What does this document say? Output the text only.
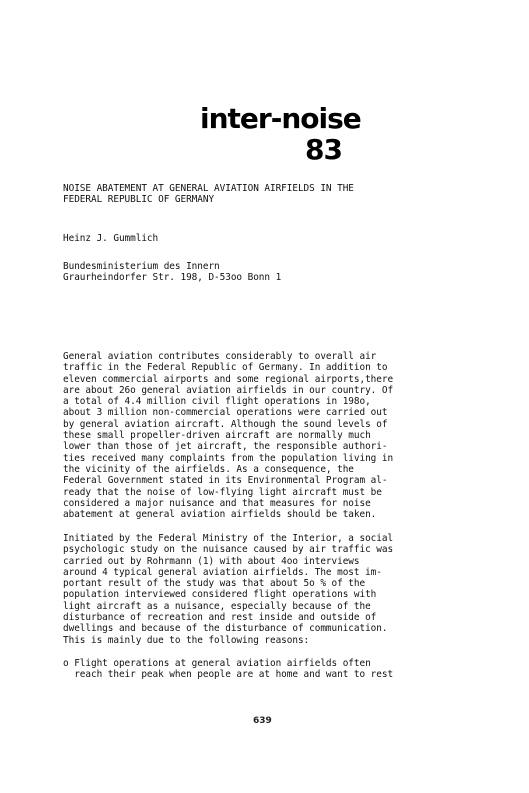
inter-noise
83
NOISE ABATEMENT AT GENERAL AVIATION AIRFIELDS IN THE
FEDERAL REPUBLIC OF GERMANY
Heinz J. Gummlich
Bundesministerium des Innern
Graurheindorfer Str. 198, D-53oo Bonn 1
General aviation contributes considerably to overall air
traffic in the Federal Republic of Germany. In addition to
eleven commercial airports and some regional airports,there
are about 26o general aviation airfields in our country. Of
a total of 4.4 million civil flight operations in 198o,
about 3 million non-commercial operations were carried out
by general aviation aircraft. Although the sound levels of
these small propeller-driven aircraft are normally much
lower than those of jet aircraft, the responsible authori-
ties received many complaints from the population living in
the vicinity of the airfields. As a consequence, the
Federal Government stated in its Environmental Program al-
ready that the noise of low-flying light aircraft must be
considered a major nuisance and that measures for noise
abatement at general aviation airfields should be taken.
Initiated by the Federal Ministry of the Interior, a social
psychologic study on the nuisance caused by air traffic was
carried out by Rohrmann (1) with about 4oo interviews
around 4 typical general aviation airfields. The most im-
portant result of the study was that about 5o % of the
population interviewed considered flight operations with
light aircraft as a nuisance, especially because of the
disturbance of recreation and rest inside and outside of
dwellings and because of the disturbance of communication.
This is mainly due to the following reasons:
o Flight operations at general aviation airfields often
reach their peak when people are at home and want to rest
639
